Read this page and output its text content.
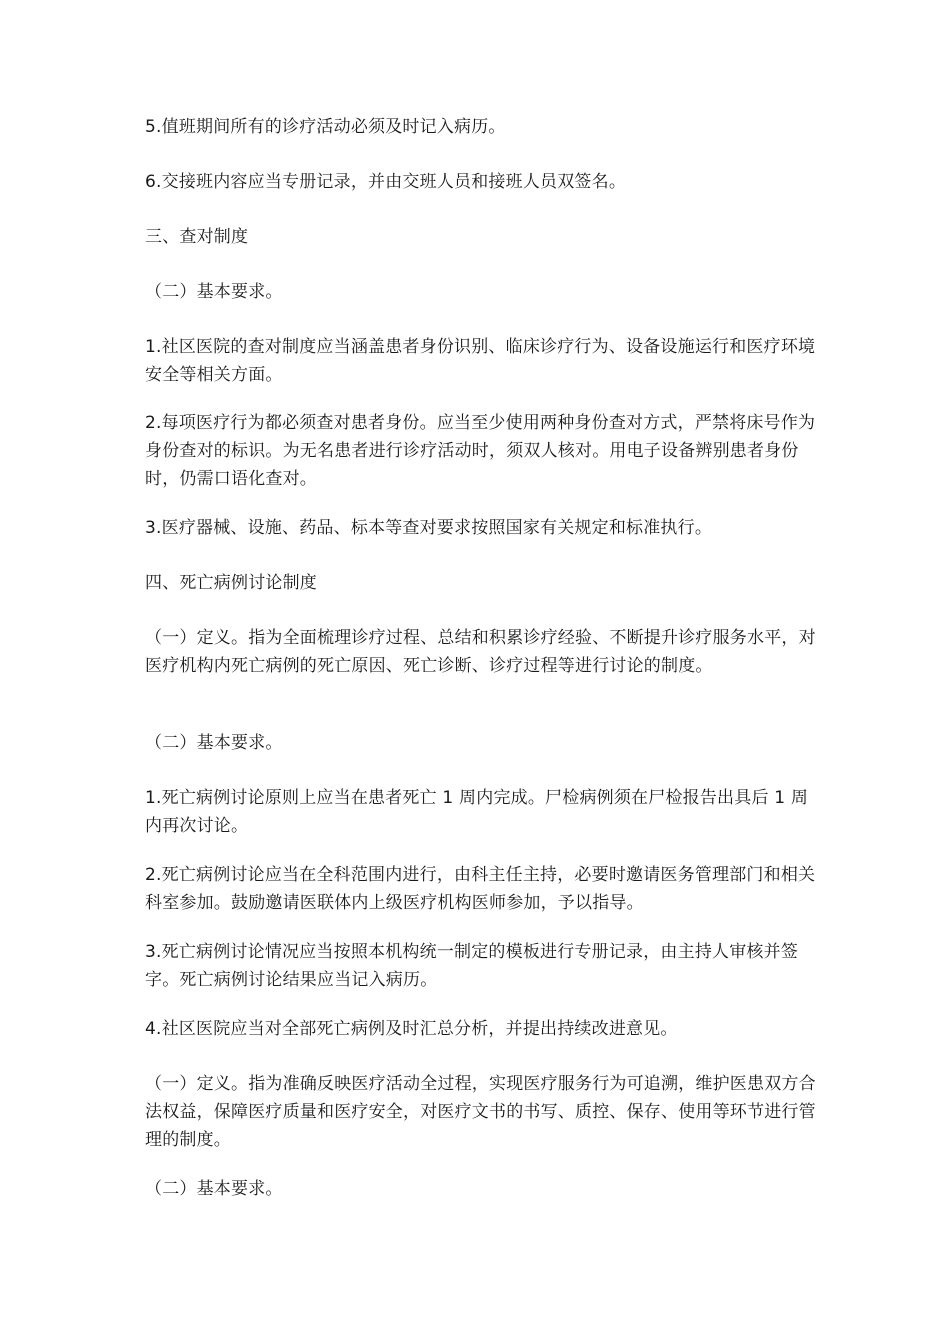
5.值班期间所有的诊疗活动必须及时记入病历。

6.交接班内容应当专册记录，并由交班人员和接班人员双签名。

三、查对制度

（二）基本要求。

1.社区医院的查对制度应当涵盖患者身份识别、临床诊疗行为、设备设施运行和医疗环境安全等相关方面。

2.每项医疗行为都必须查对患者身份。应当至少使用两种身份查对方式，严禁将床号作为身份查对的标识。为无名患者进行诊疗活动时，须双人核对。用电子设备辨别患者身份时，仍需口语化查对。

3.医疗器械、设施、药品、标本等查对要求按照国家有关规定和标准执行。

四、死亡病例讨论制度

（一）定义。指为全面梳理诊疗过程、总结和积累诊疗经验、不断提升诊疗服务水平，对医疗机构内死亡病例的死亡原因、死亡诊断、诊疗过程等进行讨论的制度。

（二）基本要求。

1.死亡病例讨论原则上应当在患者死亡 1 周内完成。尸检病例须在尸检报告出具后 1 周内再次讨论。

2.死亡病例讨论应当在全科范围内进行，由科主任主持，必要时邀请医务管理部门和相关科室参加。鼓励邀请医联体内上级医疗机构医师参加，予以指导。

3.死亡病例讨论情况应当按照本机构统一制定的模板进行专册记录，由主持人审核并签字。死亡病例讨论结果应当记入病历。

4.社区医院应当对全部死亡病例及时汇总分析，并提出持续改进意见。

（一）定义。指为准确反映医疗活动全过程，实现医疗服务行为可追溯，维护医患双方合法权益，保障医疗质量和医疗安全，对医疗文书的书写、质控、保存、使用等环节进行管理的制度。

（二）基本要求。
